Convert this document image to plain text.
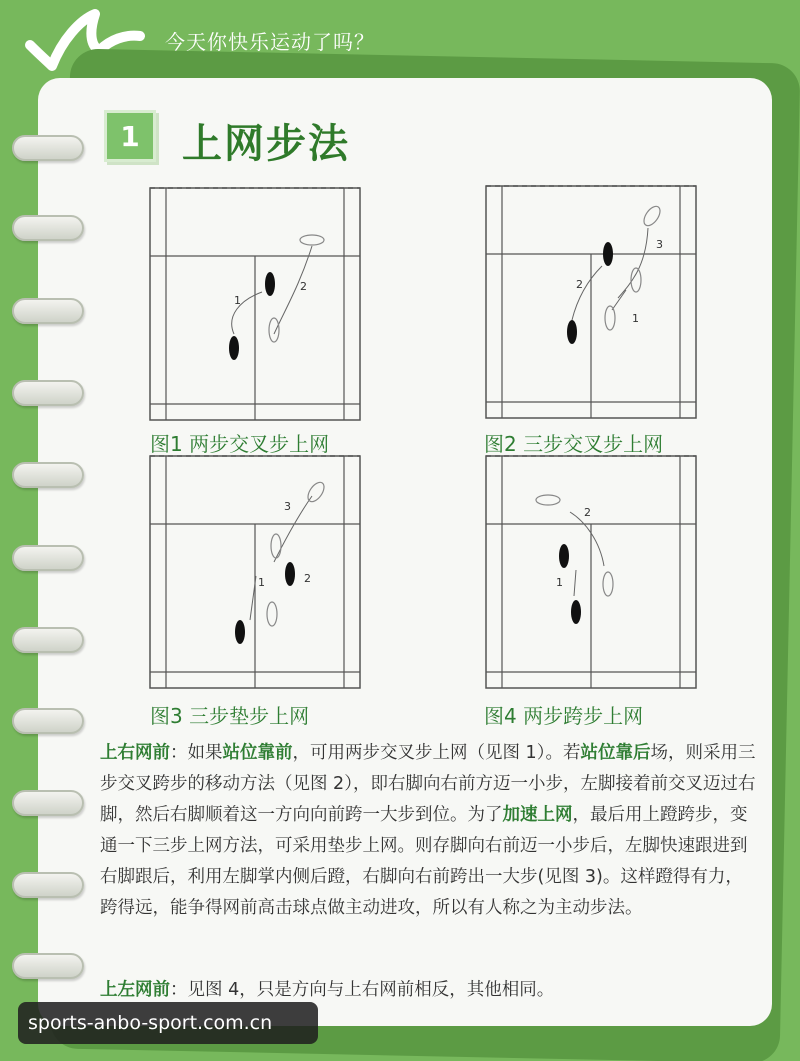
今天你快乐运动了吗？
1	上网步法
1
2
图1 两步交叉步上网
2
3
1
图2 三步交叉步上网
3
1	2
图3 三步垫步上网
2
1
图4 两步跨步上网
上右网前：如果站位靠前，可用两步交叉步上网（见图 1）。若站位靠后场，则采用三步交叉跨步的移动方法（见图 2），即右脚向右前方迈一小步，左脚接着前交叉迈过右脚，然后右脚顺着这一方向向前跨一大步到位。为了加速上网，最后用上蹬跨步，变通一下三步上网方法，可采用垫步上网。则存脚向右前迈一小步后，左脚快速跟进到右脚跟后，利用左脚掌内侧后蹬，右脚向右前跨出一大步(见图 3)。这样蹬得有力，跨得远，能争得网前高击球点做主动进攻，所以有人称之为主动步法。
上左网前：见图 4，只是方向与上右网前相反，其他相同。
sports-anbo-sport.com.cn
